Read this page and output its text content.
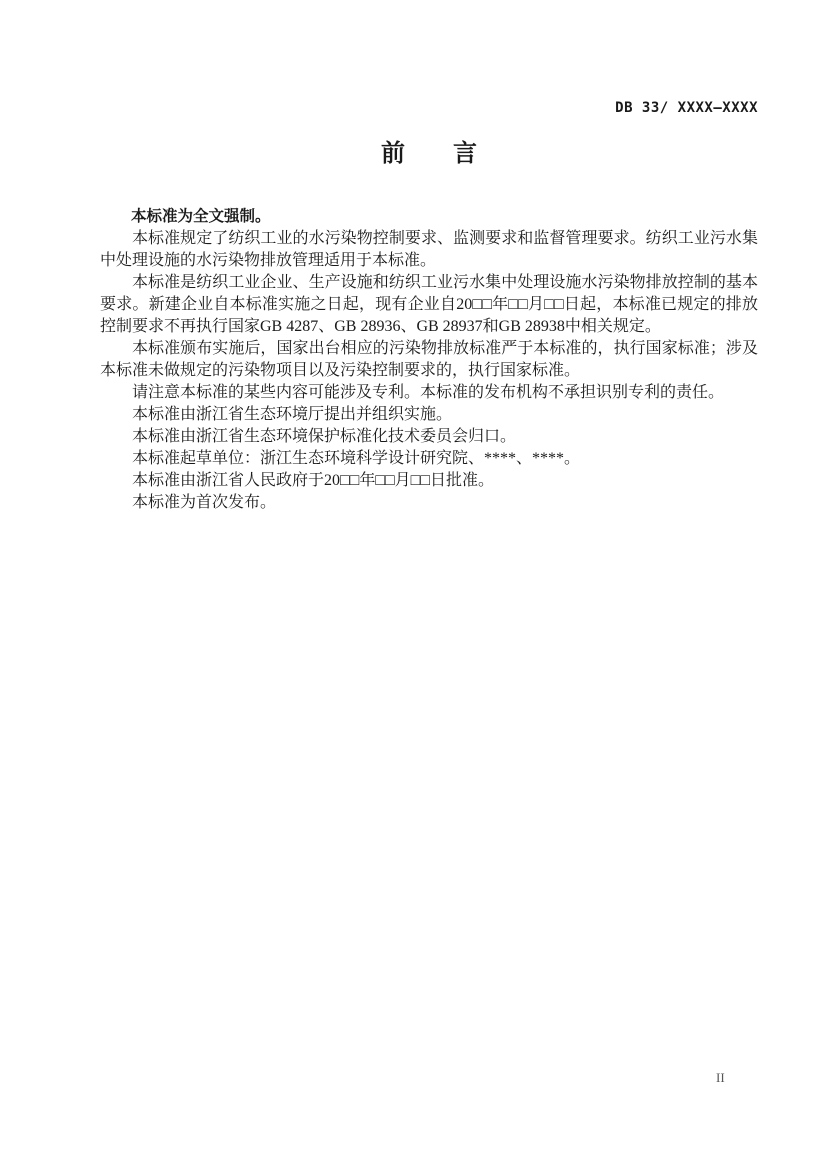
DB 33/ XXXX—XXXX
前　　言

本标准为全文强制。

本标准规定了纺织工业的水污染物控制要求、监测要求和监督管理要求。纺织工业污水集中处理设施的水污染物排放管理适用于本标准。

本标准是纺织工业企业、生产设施和纺织工业污水集中处理设施水污染物排放控制的基本要求。新建企业自本标准实施之日起，现有企业自20□□年□□月□□日起，本标准已规定的排放控制要求不再执行国家GB 4287、GB 28936、GB 28937和GB 28938中相关规定。

本标准颁布实施后，国家出台相应的污染物排放标准严于本标准的，执行国家标准；涉及本标准未做规定的污染物项目以及污染控制要求的，执行国家标准。

请注意本标准的某些内容可能涉及专利。本标准的发布机构不承担识别专利的责任。

本标准由浙江省生态环境厅提出并组织实施。

本标准由浙江省生态环境保护标准化技术委员会归口。

本标准起草单位：浙江生态环境科学设计研究院、****、****。

本标准由浙江省人民政府于20□□年□□月□□日批准。

本标准为首次发布。

II
